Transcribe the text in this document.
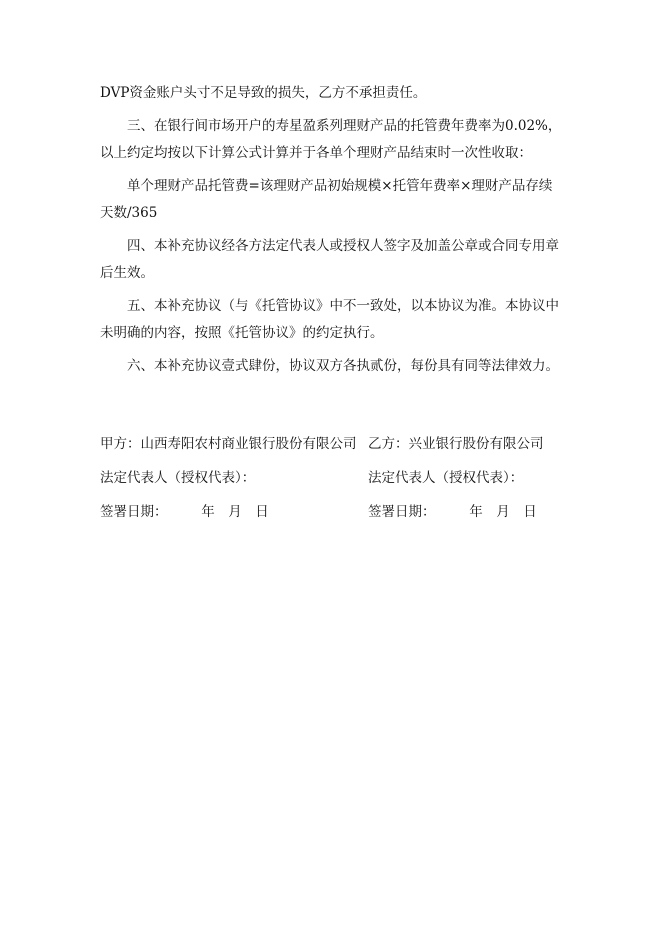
DVP资金账户头寸不足导致的损失，乙方不承担责任。

三、在银行间市场开户的寿星盈系列理财产品的托管费年费率为0.02%，以上约定均按以下计算公式计算并于各单个理财产品结束时一次性收取：

单个理财产品托管费=该理财产品初始规模×托管年费率×理财产品存续天数/365

四、本补充协议经各方法定代表人或授权人签字及加盖公章或合同专用章后生效。

五、本补充协议（与《托管协议》中不一致处，以本协议为准。本协议中未明确的内容，按照《托管协议》的约定执行。

六、本补充协议壹式肆份，协议双方各执贰份，每份具有同等法律效力。

甲方：山西寿阳农村商业银行股份有限公司 乙方：兴业银行股份有限公司
法定代表人（授权代表）：	法定代表人（授权代表）：
签署日期：　　　年　月　日	签署日期：　　　年　月　日
